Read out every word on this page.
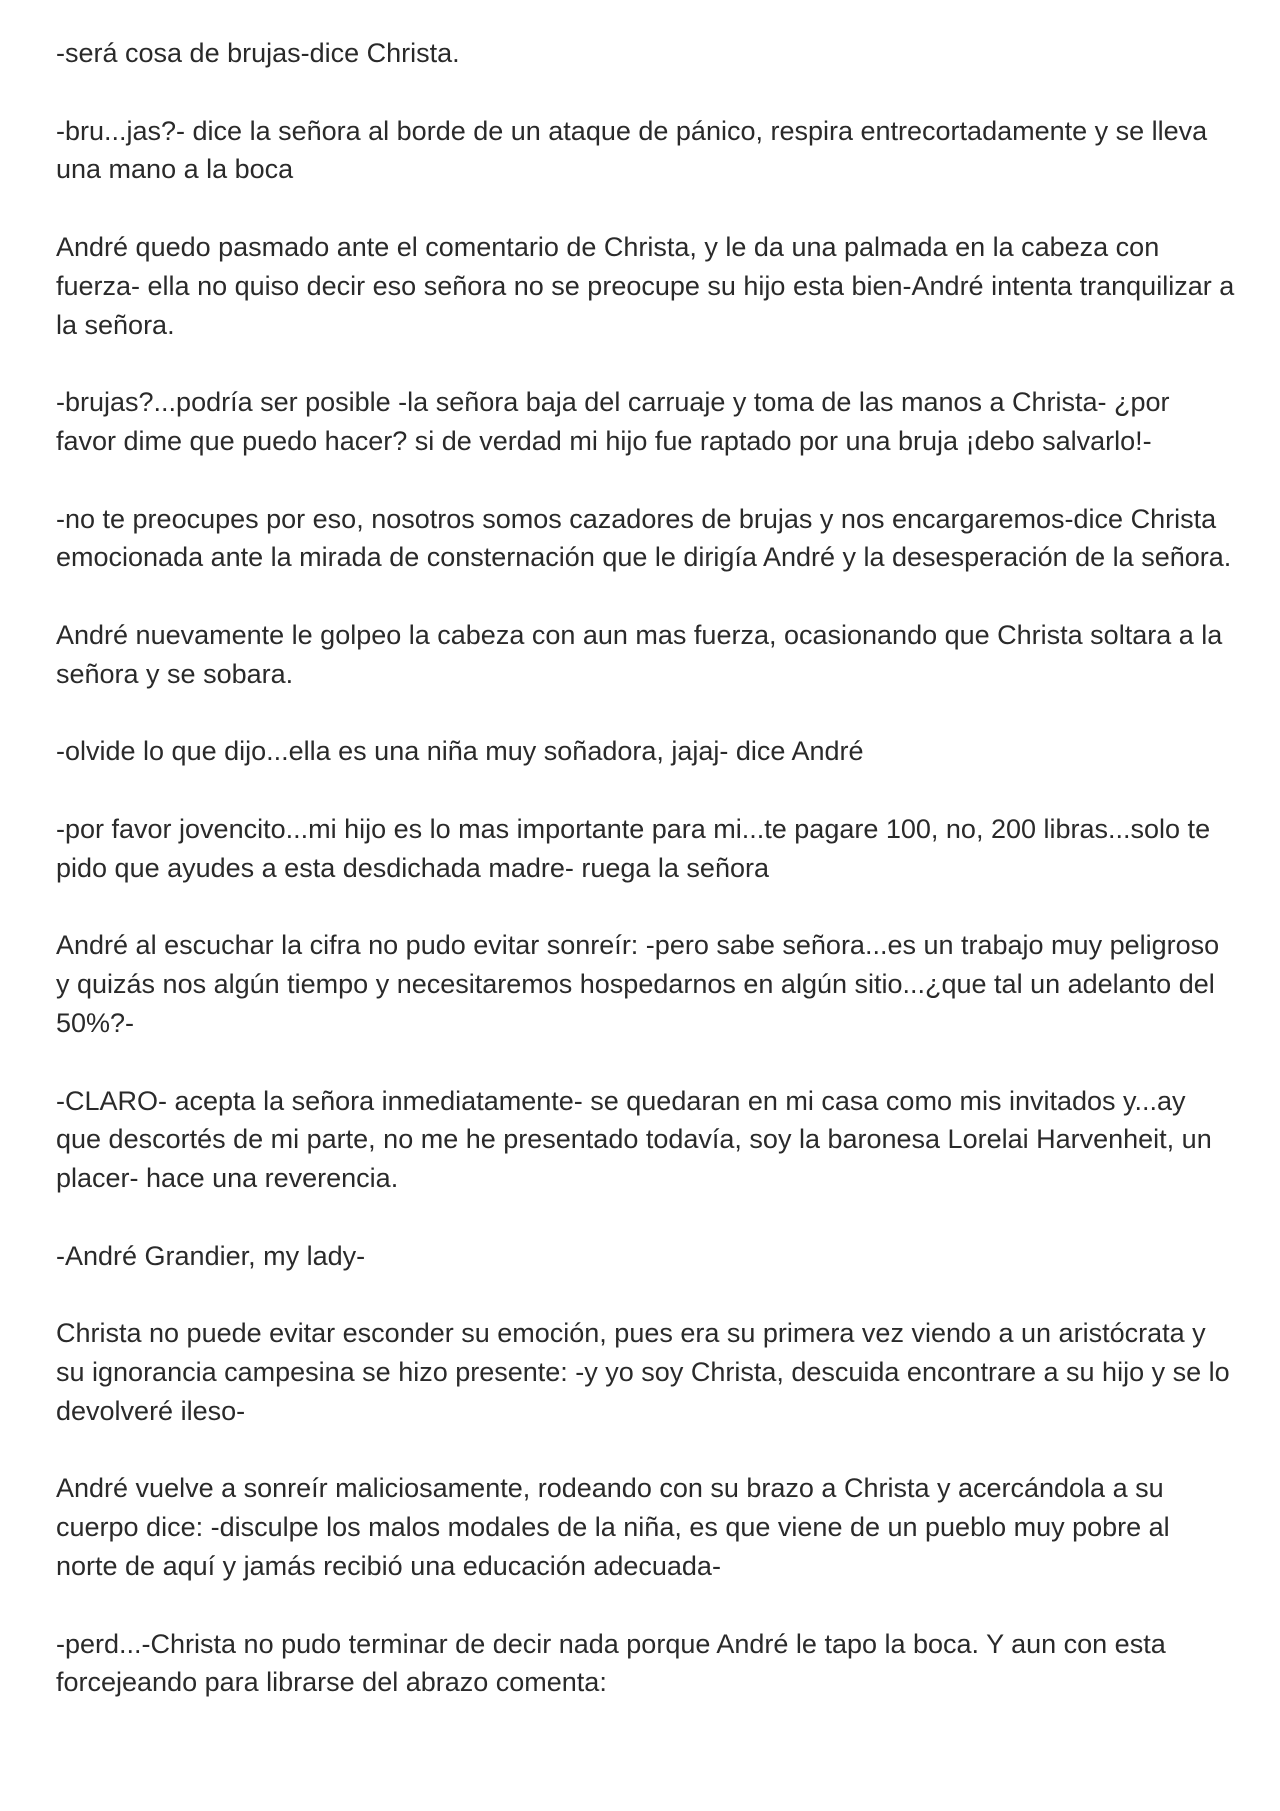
-será cosa de brujas-dice Christa.

-bru...jas?- dice la señora al borde de un ataque de pánico, respira entrecortadamente y se lleva una mano a la boca

André quedo pasmado ante el comentario de Christa, y le da una palmada en la cabeza con fuerza- ella no quiso decir eso señora no se preocupe su hijo esta bien-André intenta tranquilizar a la señora.

-brujas?...podría ser posible -la señora baja del carruaje y toma de las manos a Christa- ¿por favor dime que puedo hacer? si de verdad mi hijo fue raptado por una bruja ¡debo salvarlo!-

-no te preocupes por eso, nosotros somos cazadores de brujas y nos encargaremos-dice Christa emocionada ante la mirada de consternación que le dirigía André y la desesperación de la señora.

André nuevamente le golpeo la cabeza con aun mas fuerza, ocasionando que Christa soltara a la señora y se sobara.

-olvide lo que dijo...ella es una niña muy soñadora, jajaj- dice André

-por favor jovencito...mi hijo es lo mas importante para mi...te pagare 100, no, 200 libras...solo te pido que ayudes a esta desdichada madre- ruega la señora

André al escuchar la cifra no pudo evitar sonreír: -pero sabe señora...es un trabajo muy peligroso y quizás nos algún tiempo y necesitaremos hospedarnos en algún sitio...¿que tal un adelanto del 50%?-

-CLARO- acepta la señora inmediatamente- se quedaran en mi casa como mis invitados y...ay que descortés de mi parte, no me he presentado todavía, soy la baronesa Lorelai Harvenheit, un placer- hace una reverencia.

-André Grandier, my lady-

Christa no puede evitar esconder su emoción, pues era su primera vez viendo a un aristócrata y su ignorancia campesina se hizo presente: -y yo soy Christa, descuida encontrare a su hijo y se lo devolveré ileso-

André vuelve a sonreír maliciosamente, rodeando con su brazo a Christa y acercándola a su cuerpo dice: -disculpe los malos modales de la niña, es que viene de un pueblo muy pobre al norte de aquí y jamás recibió una educación adecuada-

-perd...-Christa no pudo terminar de decir nada porque André le tapo la boca. Y aun con esta forcejeando para librarse del abrazo comenta:
